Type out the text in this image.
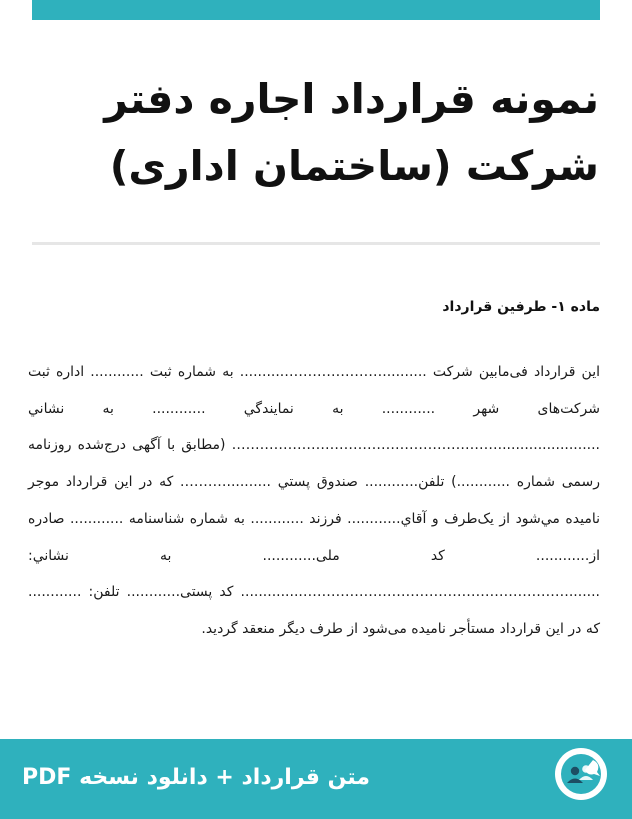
نمونه قرارداد اجاره دفتر شرکت (ساختمان اداری)
ماده ۱- طرفین قرارداد

این قرارداد فی‌مابین شرکت ..........………………….......... به شماره ثبت ............ اداره ثبت شرکت‌های شهر ............ به نمایندگي ............ به نشاني .......................………………………………………………… (مطابق با آگهی درج‌شده روزنامه رسمی شماره ............) تلفن............ صندوق پستي ..........………. که در این قرارداد موجر نامیده مي‌شود از یک‌طرف و آقاي............ فرزند ............ به شماره شناسنامه ............ صادره از............ کد ملی............ به نشاني: .......………………………………………………….............. کد پستی............ تلفن: ............ که در این قرارداد مستأجر نامیده می‌شود از طرف دیگر منعقد گردید.

متن قرارداد + دانلود نسخه PDF
